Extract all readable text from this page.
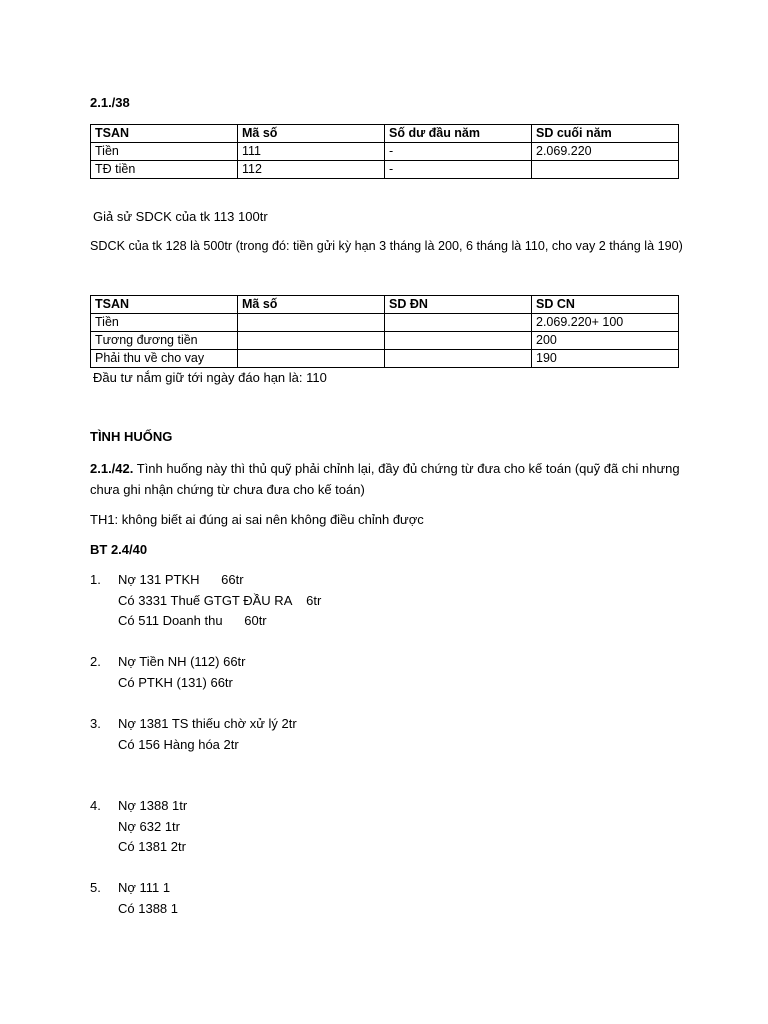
2.1./38
TSAN	Mã số	Số dư đầu năm	SD cuối năm
Tiền	111	-	2.069.220
TĐ tiền	112	-	
Giả sử SDCK của tk 113 100tr
SDCK của tk 128 là 500tr (trong đó: tiền gửi kỳ hạn 3 tháng là 200, 6 tháng là 110, cho vay 2 tháng là 190)
TSAN	Mã số	SD ĐN	SD CN
Tiền			2.069.220+ 100
Tương đương tiền			200
Phải thu về cho vay			190
Đầu tư nắm giữ tới ngày đáo hạn là: 110
TÌNH HUỐNG
2.1./42. Tình huống này thì thủ quỹ phải chỉnh lại, đầy đủ chứng từ đưa cho kế toán (quỹ đã chi nhưng chưa ghi nhận chứng từ chưa đưa cho kế toán)
TH1: không biết ai đúng ai sai nên không điều chỉnh được
BT 2.4/40
1. Nợ 131 PTKH      66tr
Có 3331 Thuế GTGT ĐẦU RA    6tr
Có 511 Doanh thu      60tr
2. Nợ Tiền NH (112) 66tr
Có PTKH (131) 66tr
3. Nợ 1381 TS thiếu chờ xử lý 2tr
Có 156 Hàng hóa 2tr
4. Nợ 1388 1tr
Nợ 632 1tr
Có 1381 2tr
5. Nợ 111 1
Có 1388 1
